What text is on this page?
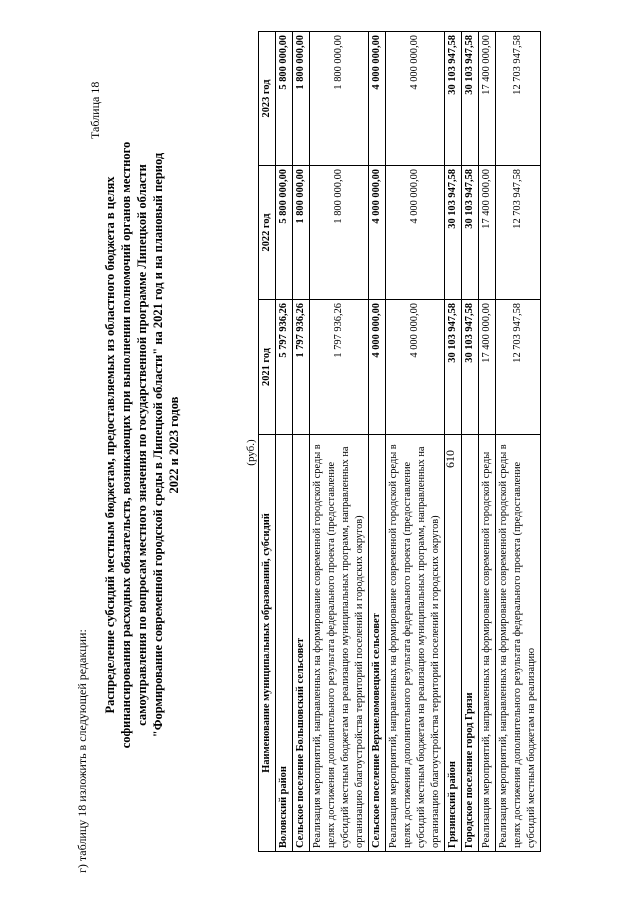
610
г) таблицу 18 изложить в следующей редакции:
Таблица 18
Распределение субсидий местным бюджетам, предоставляемых из областного бюджета в целях софинансирования расходных обязательств, возникающих при выполнении полномочий органов местного самоуправления по вопросам местного значения по государственной программе Липецкой области "Формирование современной городской среды в Липецкой области" на 2021 год и на плановый период 2022 и 2023 годов	(руб.)
Наименование муниципальных образований, субсидий	2021 год	2022 год	2023 год
Воловский район	5 797 936,26	5 800 000,00	5 800 000,00
Сельское поселение Большовский сельсовет	1 797 936,26	1 800 000,00	1 800 000,00
Реализация мероприятий, направленных на формирование современной городской среды в целях достижения дополнительного результата федерального проекта (предоставление субсидий местным бюджетам на реализацию муниципальных программ, направленных на организацию благоустройства территорий поселений и городских округов)	1 797 936,26	1 800 000,00	1 800 000,00
Сельское поселение Верхнеломовецкий сельсовет	4 000 000,00	4 000 000,00	4 000 000,00
Реализация мероприятий, направленных на формирование современной городской среды в целях достижения дополнительного результата федерального проекта (предоставление субсидий местным бюджетам на реализацию муниципальных программ, направленных на организацию благоустройства территорий поселений и городских округов)	4 000 000,00	4 000 000,00	4 000 000,00
Грязинский район	30 103 947,58	30 103 947,58	30 103 947,58
Городское поселение город Грязи	30 103 947,58	30 103 947,58	30 103 947,58
Реализация мероприятий, направленных на формирование современной городской среды	17 400 000,00	17 400 000,00	17 400 000,00
Реализация мероприятий, направленных на формирование современной городской среды в целях достижения дополнительного результата федерального проекта (предоставление субсидий местным бюджетам на реализацию	12 703 947,58	12 703 947,58	12 703 947,58
